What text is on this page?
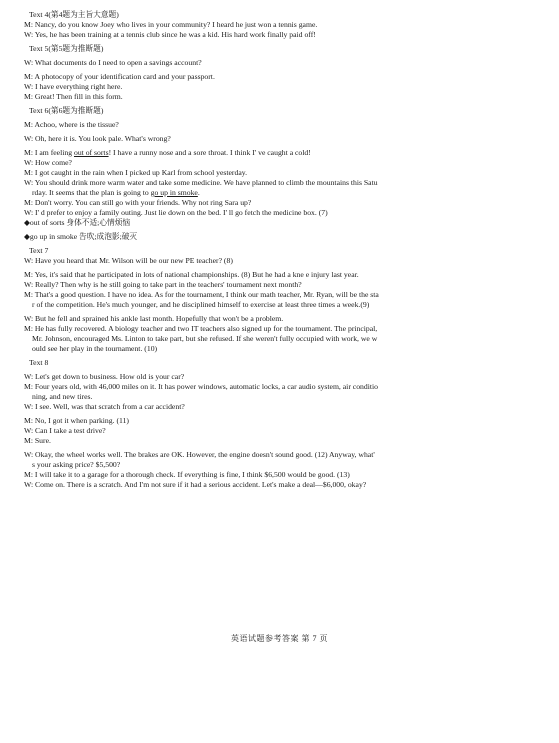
Text 4(第4题为主旨大意题)
M: Nancy, do you know Joey who lives in your community? I heard he just won a tennis game.
W: Yes, he has been training at a tennis club since he was a kid. His hard work finally paid off!
Text 5(第5题为推断题)
W: What documents do I need to open a savings account?
M: A photocopy of your identification card and your passport.
W: I have everything right here.
M: Great! Then fill in this form.
Text 6(第6题为推断题)
M: Achoo, where is the tissue?
W: Oh, here it is. You look pale. What's wrong?
M: I am feeling out of sorts! I have a runny nose and a sore throat. I think I' ve caught a cold!
W: How come?
M: I got caught in the rain when I picked up Karl from school yesterday.
W: You should drink more warm water and take some medicine. We have planned to climb the mountains this Satu
rday. It seems that the plan is going to go up in smoke.
M: Don't worry. You can still go with your friends. Why not ring Sara up?
W: I' d prefer to enjoy a family outing. Just lie down on the bed. I' ll go fetch the medicine box. (7)
◆out of sorts 身体不适;心情烦恼
◆go up in smoke 告吹;成泡影;破灭
Text 7
W: Have you heard that Mr. Wilson will be our new PE teacher? (8)
M: Yes, it's said that he participated in lots of national championships. (8) But he had a kne e injury last year.
W: Really? Then why is he still going to take part in the teachers' tournament next month?
M: That's a good question. I have no idea. As for the tournament, I think our math teacher, Mr. Ryan, will be the sta
r of the competition. He's much younger, and he disciplined himself to exercise at least three times a week.(9)
W: But he fell and sprained his ankle last month. Hopefully that won't be a problem.
M: He has fully recovered. A biology teacher and two IT teachers also signed up for the tournament. The principal,
Mr. Johnson, encouraged Ms. Linton to take part, but she refused. If she weren't fully occupied with work, we w
ould see her play in the tournament. (10)
Text 8
W: Let's get down to business. How old is your car?
M: Four years old, with 46,000 miles on it. It has power windows, automatic locks, a car audio system, air conditio
ning, and new tires.
W: I see. Well, was that scratch from a car accident?
M: No, I got it when parking. (11)
W: Can I take a test drive?
M: Sure.
W: Okay, the wheel works well. The brakes are OK. However, the engine doesn't sound good. (12) Anyway, what'
s your asking price? $5,500?
M: I will take it to a garage for a thorough check. If everything is fine, I think $6,500 would be good. (13)
W: Come on. There is a scratch. And I'm not sure if it had a serious accident. Let's make a deal—$6,000, okay?
英语试题参考答案 第 7 页
